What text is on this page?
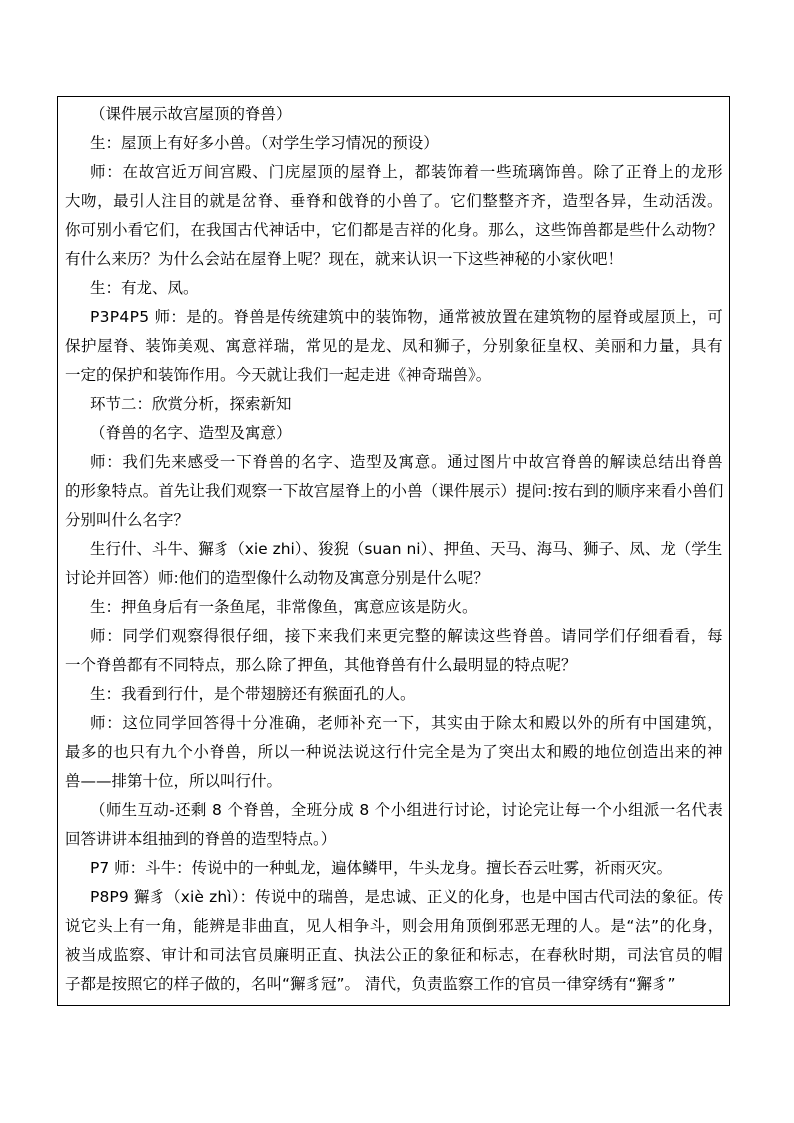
（课件展示故宫屋顶的脊兽）
生：屋顶上有好多小兽。（对学生学习情况的预设）
师：在故宫近万间宫殿、门庑屋顶的屋脊上，都装饰着一些琉璃饰兽。除了正脊上的龙形
大吻，最引人注目的就是岔脊、垂脊和戗脊的小兽了。它们整整齐齐，造型各异，生动活泼。
你可别小看它们，在我国古代神话中，它们都是吉祥的化身。那么，这些饰兽都是些什么动物？
有什么来历？为什么会站在屋脊上呢？现在，就来认识一下这些神秘的小家伙吧！
生：有龙、凤。
P3P4P5 师：是的。脊兽是传统建筑中的装饰物，通常被放置在建筑物的屋脊或屋顶上，可
保护屋脊、装饰美观、寓意祥瑞，常见的是龙、凤和狮子，分别象征皇权、美丽和力量，具有
一定的保护和装饰作用。今天就让我们一起走进《神奇瑞兽》。
环节二：欣赏分析，探索新知
（脊兽的名字、造型及寓意）
师：我们先来感受一下脊兽的名字、造型及寓意。通过图片中故宫脊兽的解读总结出脊兽
的形象特点。首先让我们观察一下故宫屋脊上的小兽（课件展示）提问:按右到的顺序来看小兽们
分别叫什么名字？
生行什、斗牛、獬豸（xie zhi）、狻猊（suan ni）、押鱼、天马、海马、狮子、凤、龙（学生
讨论并回答）师:他们的造型像什么动物及寓意分别是什么呢？
生：押鱼身后有一条鱼尾，非常像鱼，寓意应该是防火。
师：同学们观察得很仔细，接下来我们来更完整的解读这些脊兽。请同学们仔细看看，每
一个脊兽都有不同特点，那么除了押鱼，其他脊兽有什么最明显的特点呢？
生：我看到行什，是个带翅膀还有猴面孔的人。
师：这位同学回答得十分准确，老师补充一下，其实由于除太和殿以外的所有中国建筑，
最多的也只有九个小脊兽，所以一种说法说这行什完全是为了突出太和殿的地位创造出来的神
兽——排第十位，所以叫行什。
（师生互动-还剩 8 个脊兽，全班分成 8 个小组进行讨论，讨论完让每一个小组派一名代表
回答讲讲本组抽到的脊兽的造型特点。）
P7 师：斗牛：传说中的一种虬龙，遍体鳞甲，牛头龙身。擅长吞云吐雾，祈雨灭灾。
P8P9 獬豸（xiè zhì）：传说中的瑞兽，是忠诚、正义的化身，也是中国古代司法的象征。传
说它头上有一角，能辨是非曲直，见人相争斗，则会用角顶倒邪恶无理的人。是“法”的化身，
被当成监察、审计和司法官员廉明正直、执法公正的象征和标志，在春秋时期，司法官员的帽
子都是按照它的样子做的，名叫“獬豸冠”。 清代，负责监察工作的官员一律穿绣有“獬豸”
